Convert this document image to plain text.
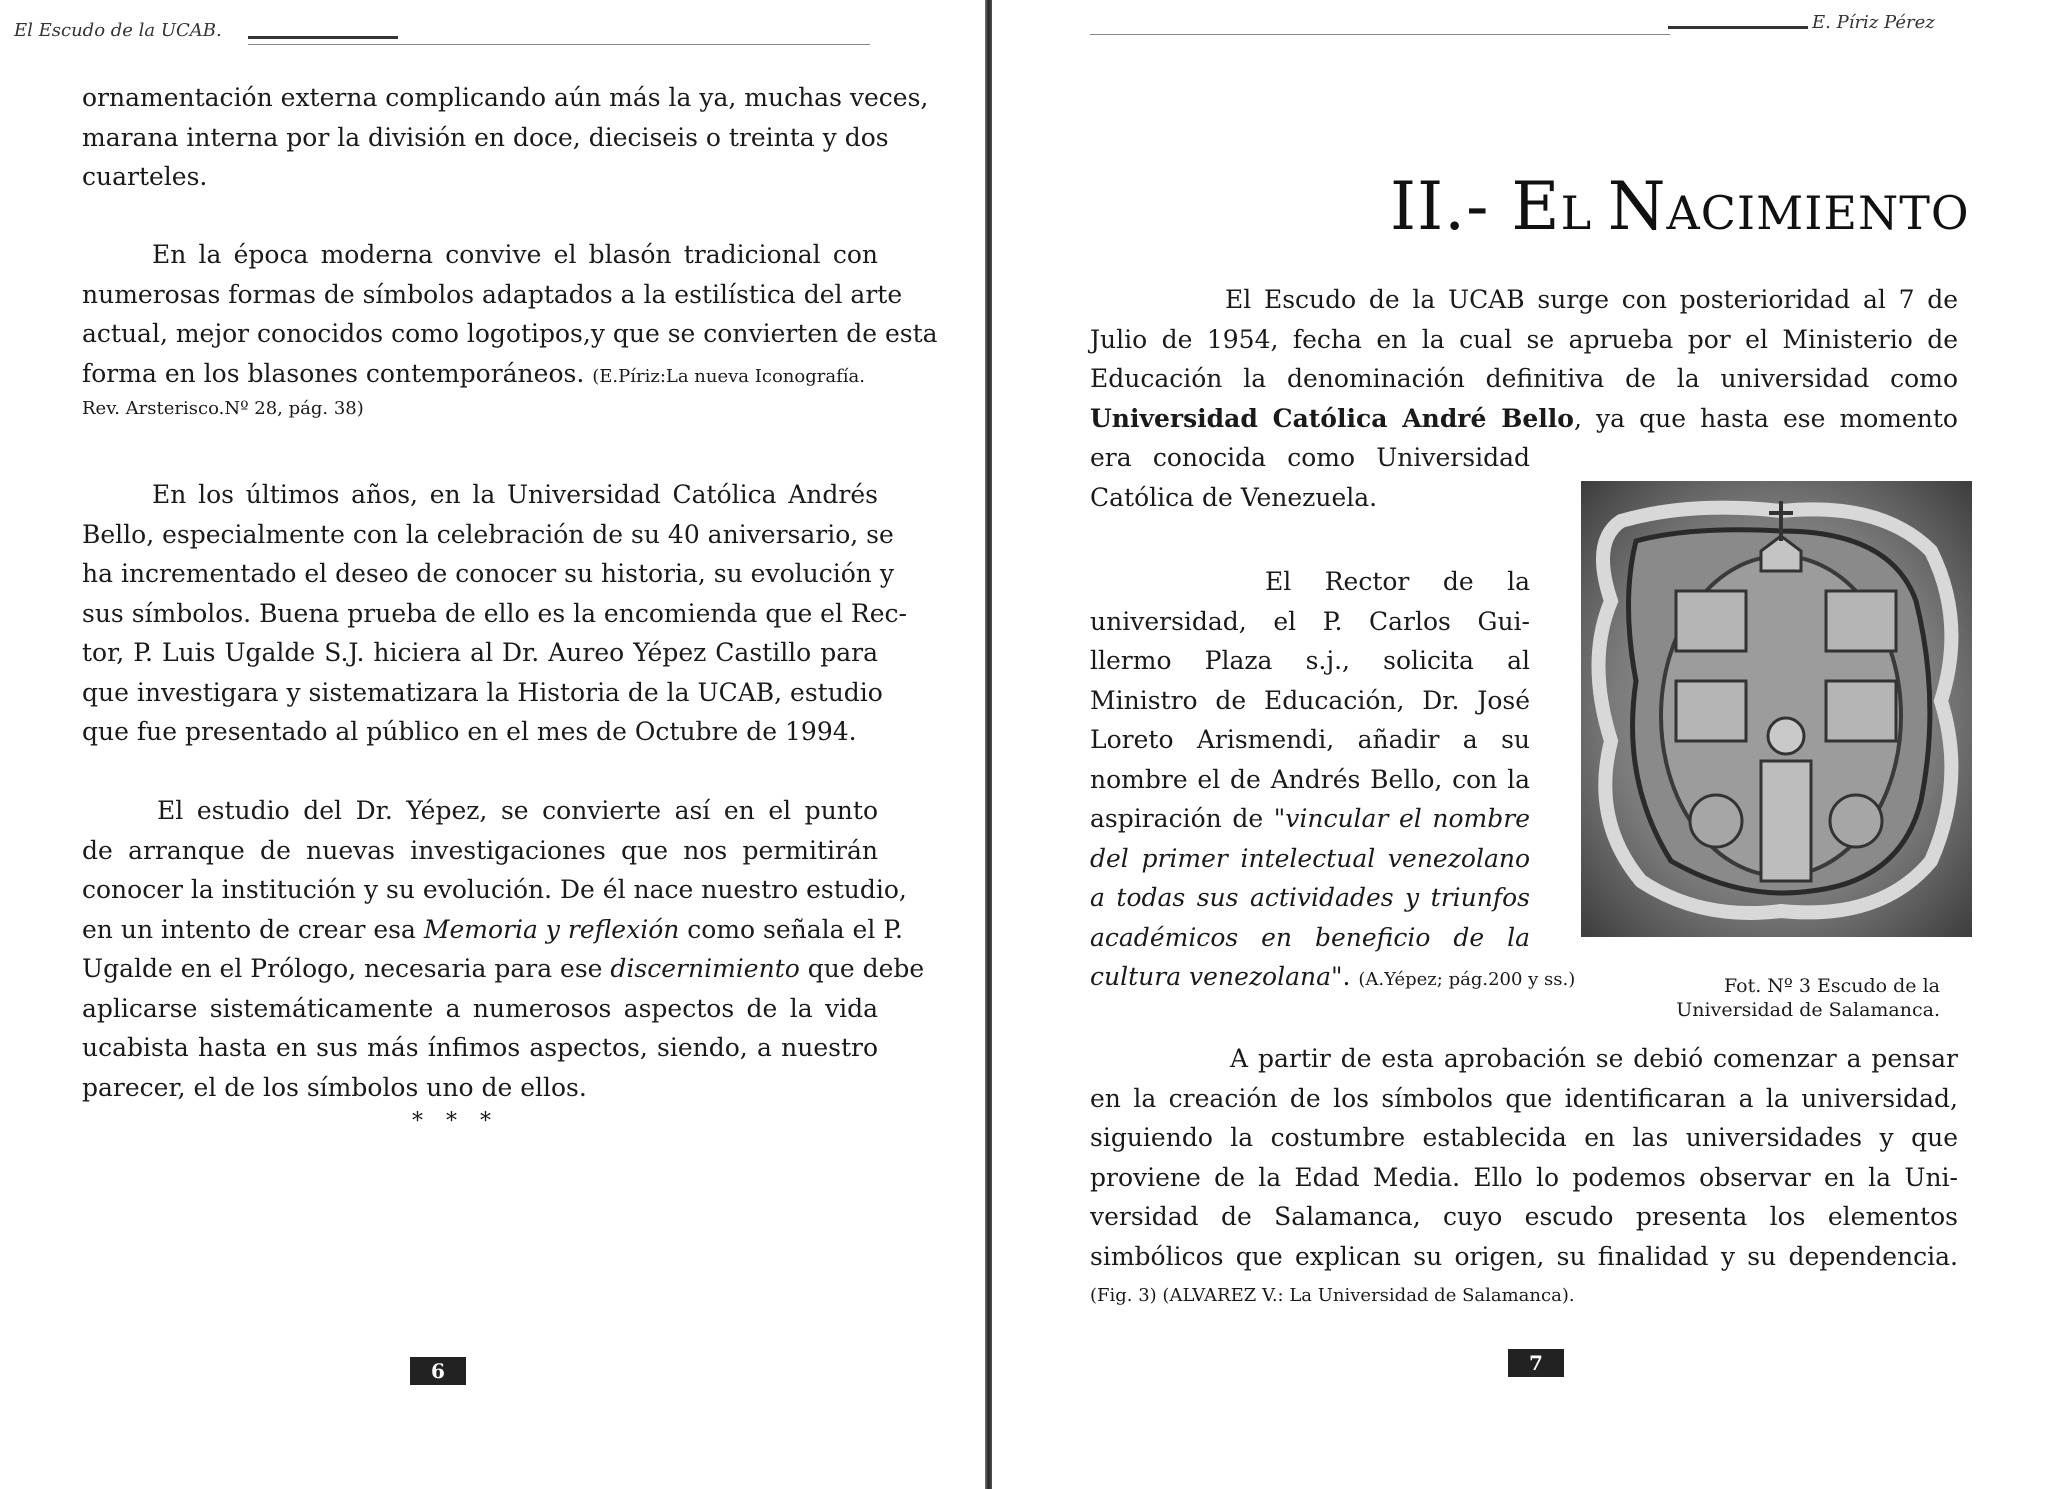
El Escudo de la UCAB.
ornamentación externa complicando aún más la ya, muchas veces,
marana interna por la división en doce, dieciseis o treinta y dos
cuarteles.
En la época moderna convive el blasón tradicional con
numerosas formas de símbolos adaptados a la estilística del arte
actual, mejor conocidos como logotipos,y que se convierten de esta
forma en los blasones contemporáneos. (E.Píriz:La nueva Iconografía.
Rev. Arsterisco.Nº 28, pág. 38)
En los últimos años, en la Universidad Católica Andrés
Bello, especialmente con la celebración de su 40 aniversario, se
ha incrementado el deseo de conocer su historia, su evolución y
sus símbolos. Buena prueba de ello es la encomienda que el Rec-
tor, P. Luis Ugalde S.J. hiciera al Dr. Aureo Yépez Castillo para
que investigara y sistematizara la Historia de la UCAB, estudio
que fue presentado al público en el mes de Octubre de 1994.
El estudio del Dr. Yépez, se convierte así en el punto
de arranque de nuevas investigaciones que nos permitirán
conocer la institución y su evolución. De él nace nuestro estudio,
en un intento de crear esa Memoria y reflexión como señala el P.
Ugalde en el Prólogo, necesaria para ese discernimiento que debe
aplicarse sistemáticamente a numerosos aspectos de la vida
ucabista hasta en sus más ínfimos aspectos, siendo, a nuestro
parecer, el de los símbolos uno de ellos.
* * *
6
E. Píriz Pérez
II.- EL NACIMIENTO
El Escudo de la UCAB surge con posterioridad al 7 de
Julio de 1954, fecha en la cual se aprueba por el Ministerio de
Educación la denominación definitiva de la universidad como
Universidad Católica André Bello, ya que hasta ese momento
era conocida como Universidad
Católica de Venezuela.
El Rector de la
universidad, el P. Carlos Gui-
llermo Plaza s.j., solicita al
Ministro de Educación, Dr. José
Loreto Arismendi, añadir a su
nombre el de Andrés Bello, con la
aspiración de "vincular el nombre
del primer intelectual venezolano
a todas sus actividades y triunfos
académicos en beneficio de la
cultura venezolana". (A.Yépez; pág.200 y ss.)	Fot. Nº 3 Escudo de la
Universidad de Salamanca.
A partir de esta aprobación se debió comenzar a pensar
en la creación de los símbolos que identificaran a la universidad,
siguiendo la costumbre establecida en las universidades y que
proviene de la Edad Media. Ello lo podemos observar en la Uni-
versidad de Salamanca, cuyo escudo presenta los elementos
simbólicos que explican su origen, su finalidad y su dependencia.
(Fig. 3) (ALVAREZ V.: La Universidad de Salamanca).
7
